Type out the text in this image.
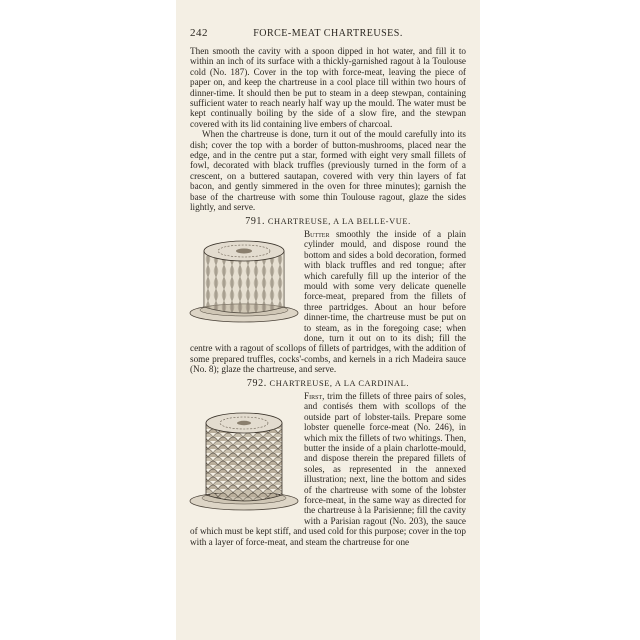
242	FORCE-MEAT CHARTREUSES.

Then smooth the cavity with a spoon dipped in hot water, and fill it to within an inch of its surface with a thickly-garnished ragout à la Toulouse cold (No. 187). Cover in the top with force-meat, leaving the piece of paper on, and keep the chartreuse in a cool place till within two hours of dinner-time. It should then be put to steam in a deep stewpan, containing sufficient water to reach nearly half way up the mould. The water must be kept continually boiling by the side of a slow fire, and the stewpan covered with its lid containing live embers of charcoal.

When the chartreuse is done, turn it out of the mould carefully into its dish; cover the top with a border of button-mushrooms, placed near the edge, and in the centre put a star, formed with eight very small fillets of fowl, decorated with black truffles (previously turned in the form of a crescent, on a buttered sautapan, covered with very thin layers of fat bacon, and gently simmered in the oven for three minutes); garnish the base of the chartreuse with some thin Toulouse ragout, glaze the sides lightly, and serve.

791. CHARTREUSE, A LA BELLE-VUE.

Butter smoothly the inside of a plain cylinder mould, and dispose round the bottom and sides a bold decoration, formed with black truffles and red tongue; after which carefully fill up the interior of the mould with some very delicate quenelle force-meat, prepared from the fillets of three partridges. About an hour before dinner-time, the chartreuse must be put on to steam, as in the foregoing case; when done, turn it out on to its dish; fill the centre with a ragout of scollops of fillets of partridges, with the addition of some prepared truffles, cocks'-combs, and kernels in a rich Madeira sauce (No. 8); glaze the chartreuse, and serve.

792. CHARTREUSE, A LA CARDINAL.

First, trim the fillets of three pairs of soles, and contisés them with scollops of the outside part of lobster-tails. Prepare some lobster quenelle force-meat (No. 246), in which mix the fillets of two whitings. Then, butter the inside of a plain charlotte-mould, and dispose therein the prepared fillets of soles, as represented in the annexed illustration; next, line the bottom and sides of the chartreuse with some of the lobster force-meat, in the same way as directed for the chartreuse à la Parisienne; fill the cavity with a Parisian ragout (No. 203), the sauce of which must be kept stiff, and used cold for this purpose; cover in the top with a layer of force-meat, and steam the chartreuse for one
